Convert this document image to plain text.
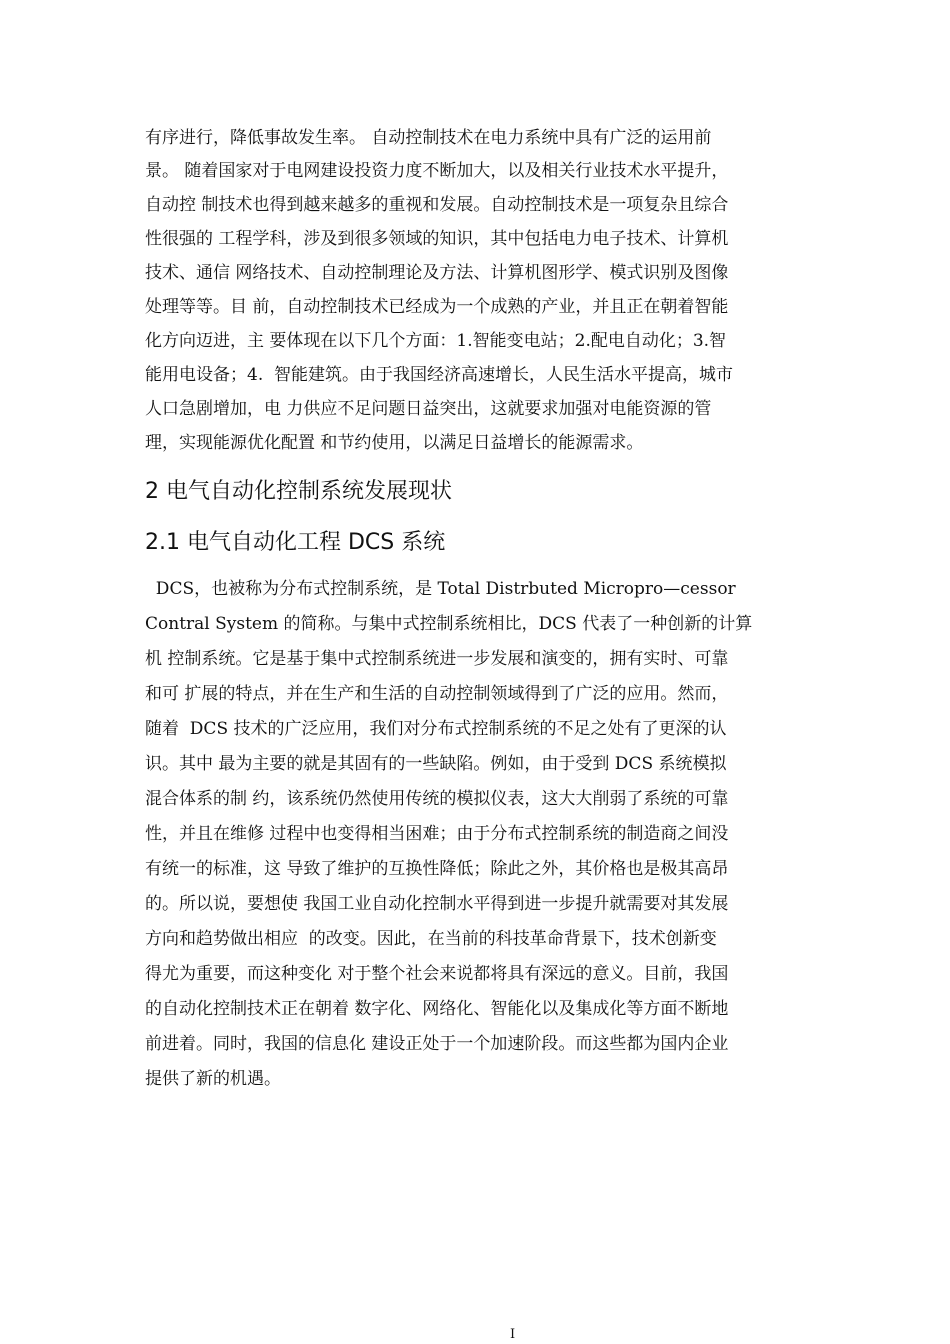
有序进行，降低事故发生率。 自动控制技术在电力系统中具有广泛的运用前
景。 随着国家对于电网建设投资力度不断加大，以及相关行业技术水平提升，
自动控 制技术也得到越来越多的重视和发展。自动控制技术是一项复杂且综合
性很强的 工程学科，涉及到很多领域的知识，其中包括电力电子技术、计算机
技术、通信 网络技术、自动控制理论及方法、计算机图形学、模式识别及图像
处理等等。目 前，自动控制技术已经成为一个成熟的产业，并且正在朝着智能
化方向迈进，主 要体现在以下几个方面：1.智能变电站；2.配电自动化；3.智
能用电设备；4.  智能建筑。由于我国经济高速增长，人民生活水平提高，城市
人口急剧增加，电 力供应不足问题日益突出，这就要求加强对电能资源的管
理，实现能源优化配置 和节约使用，以满足日益增长的能源需求。
2 电气自动化控制系统发展现状
2.1 电气自动化工程 DCS 系统
DCS，也被称为分布式控制系统，是 Total Distrbuted Micropro—cessor
Contral System 的简称。与集中式控制系统相比，DCS 代表了一种创新的计算
机 控制系统。它是基于集中式控制系统进一步发展和演变的，拥有实时、可靠
和可 扩展的特点，并在生产和生活的自动控制领域得到了广泛的应用。然而，
随着  DCS 技术的广泛应用，我们对分布式控制系统的不足之处有了更深的认
识。其中 最为主要的就是其固有的一些缺陷。例如，由于受到 DCS 系统模拟
混合体系的制 约，该系统仍然使用传统的模拟仪表，这大大削弱了系统的可靠
性，并且在维修 过程中也变得相当困难；由于分布式控制系统的制造商之间没
有统一的标准，这 导致了维护的互换性降低；除此之外，其价格也是极其高昂
的。所以说，要想使 我国工业自动化控制水平得到进一步提升就需要对其发展
方向和趋势做出相应  的改变。因此，在当前的科技革命背景下，技术创新变
得尤为重要，而这种变化 对于整个社会来说都将具有深远的意义。目前，我国
的自动化控制技术正在朝着 数字化、网络化、智能化以及集成化等方面不断地
前进着。同时，我国的信息化 建设正处于一个加速阶段。而这些都为国内企业
提供了新的机遇。
I
